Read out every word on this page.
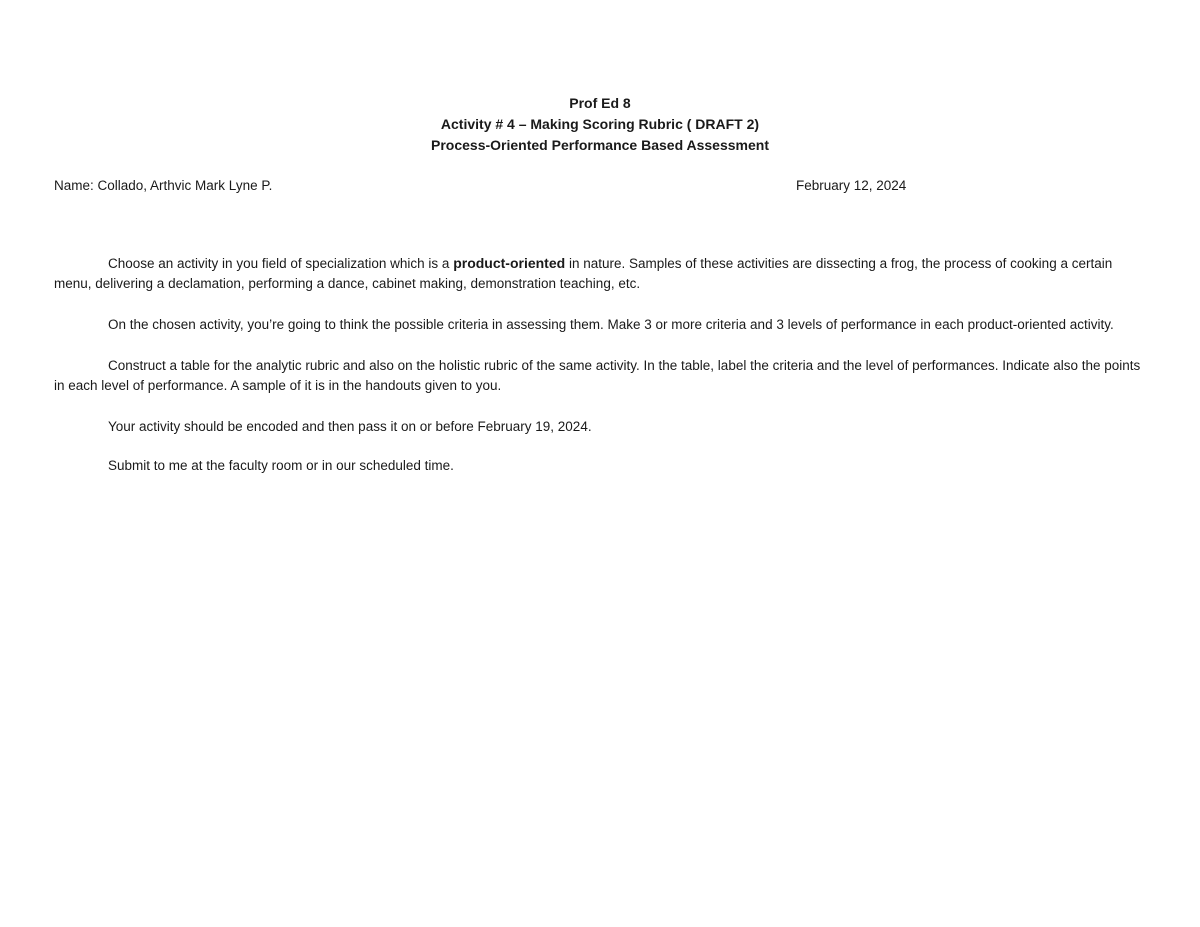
Prof Ed 8
Activity # 4 – Making Scoring Rubric ( DRAFT 2)
Process-Oriented Performance Based Assessment
Name: Collado, Arthvic Mark Lyne P.	February 12, 2024

Choose an activity in you field of specialization which is a product-oriented in nature. Samples of these activities are dissecting a frog, the process of cooking a certain menu, delivering a declamation, performing a dance, cabinet making, demonstration teaching, etc.

On the chosen activity, you’re going to think the possible criteria in assessing them. Make 3 or more criteria and 3 levels of performance in each product-oriented activity.

Construct a table for the analytic rubric and also on the holistic rubric of the same activity. In the table, label the criteria and the level of performances. Indicate also the points in each level of performance. A sample of it is in the handouts given to you.

Your activity should be encoded and then pass it on or before February 19, 2024.

Submit to me at the faculty room or in our scheduled time.
